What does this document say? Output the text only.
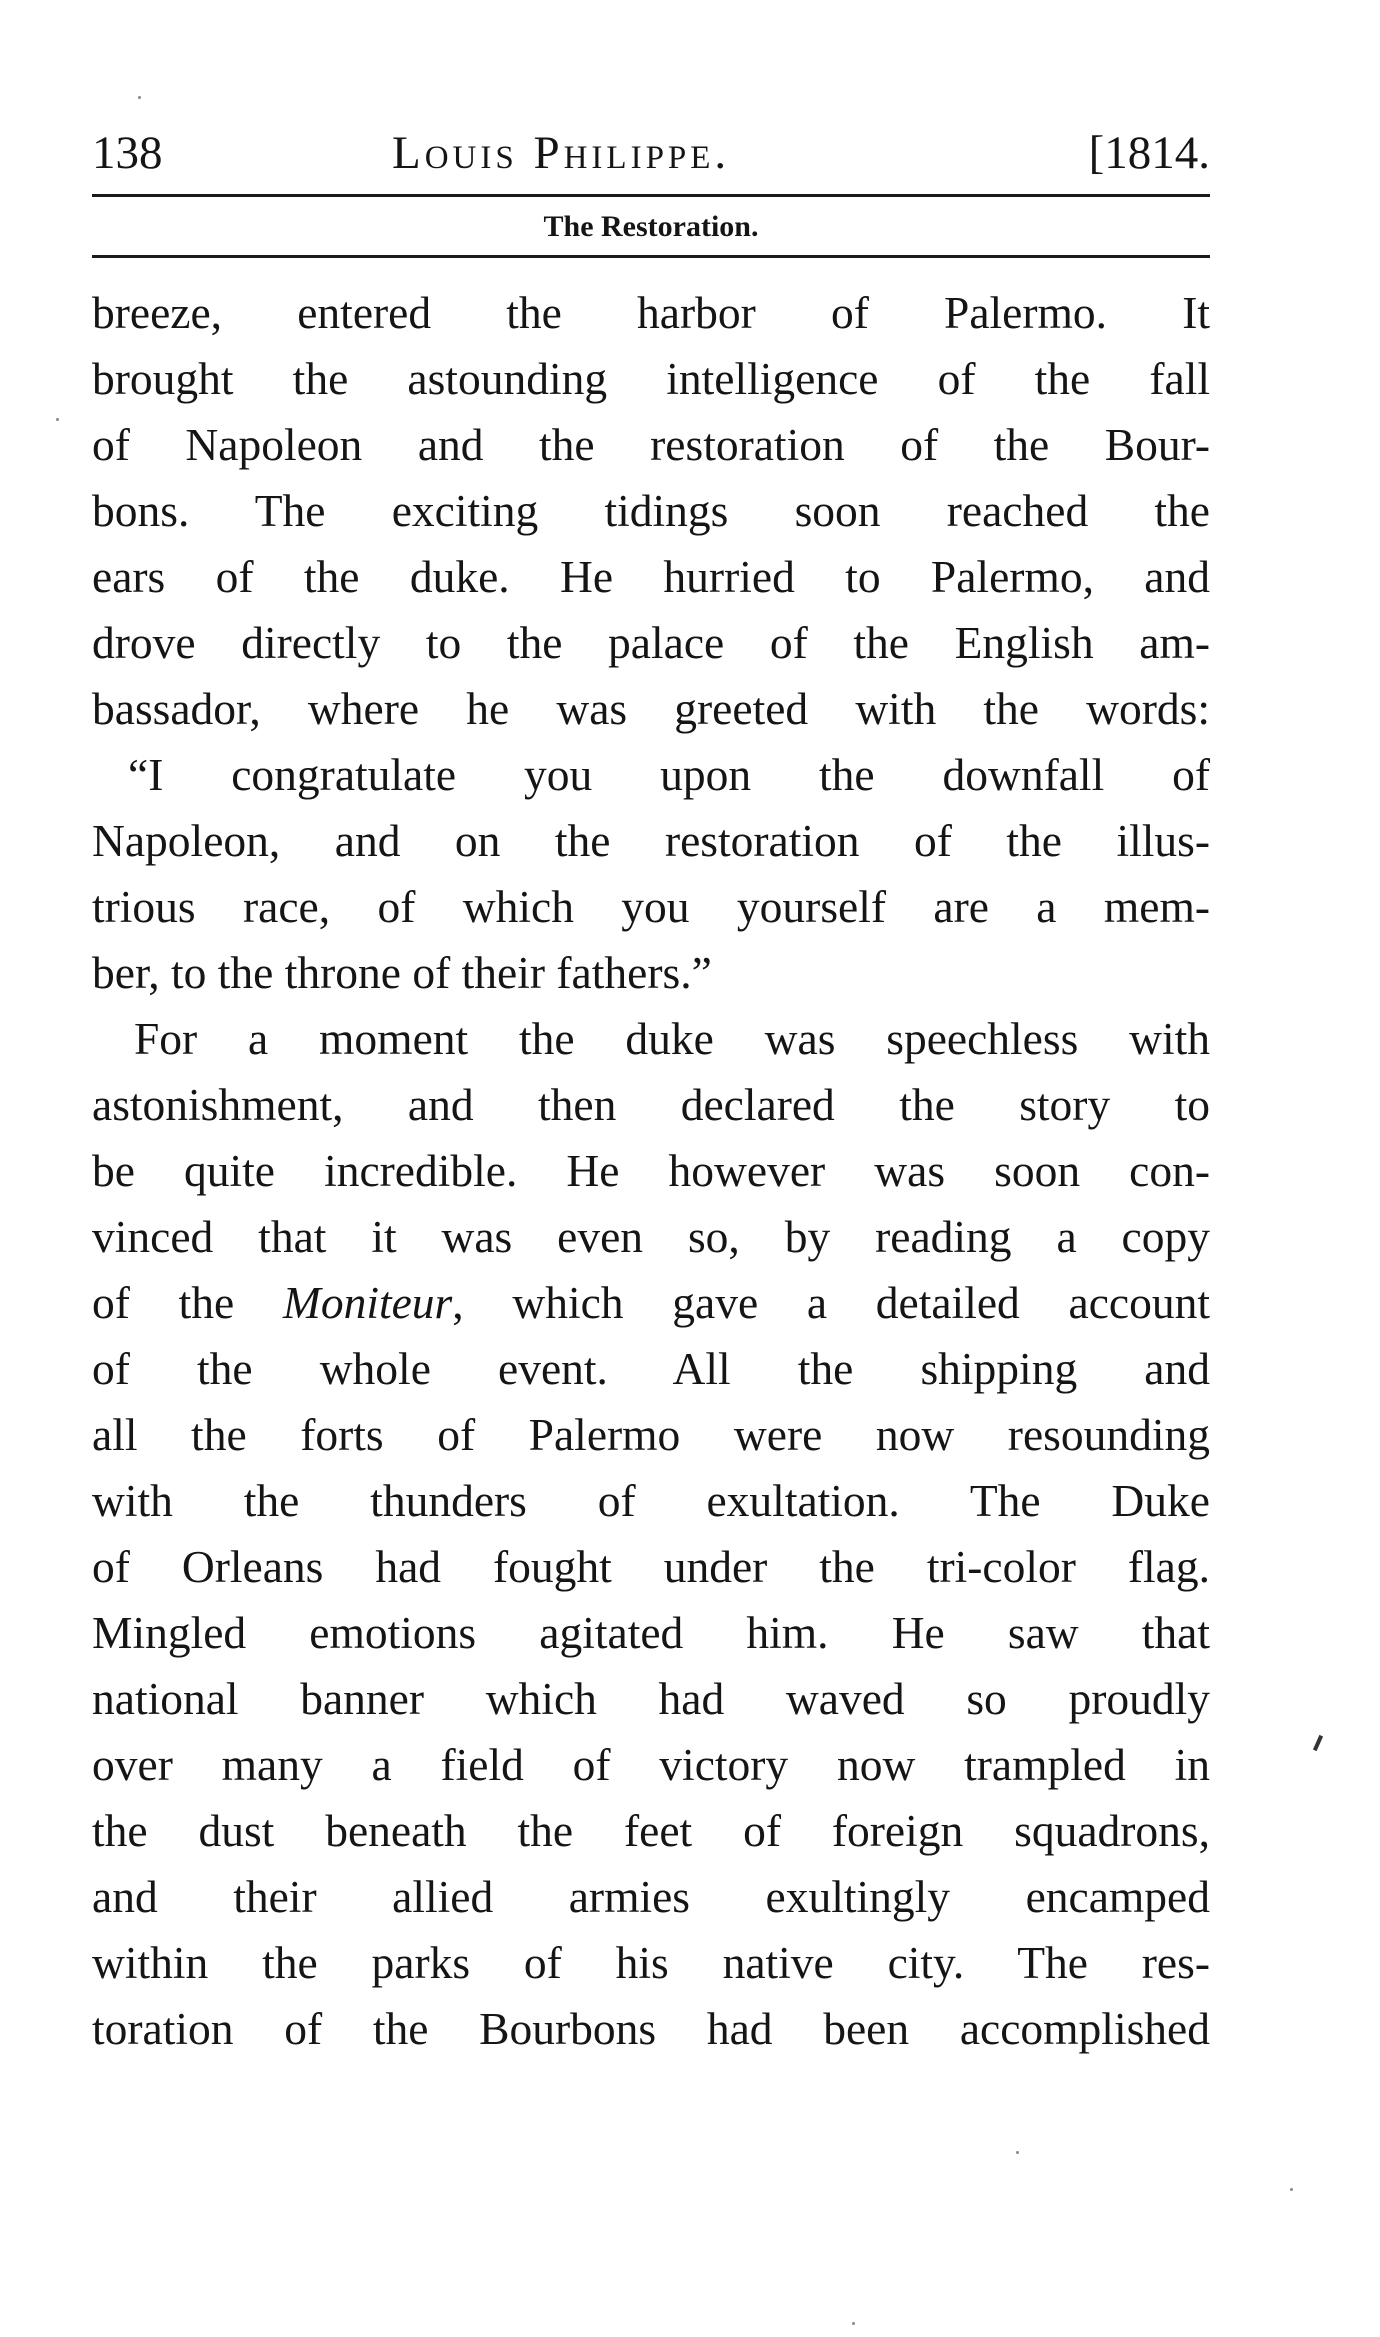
138	Louis Philippe.	[1814.
The Restoration.
breeze, entered the harbor of Palermo. It
brought the astounding intelligence of the fall
of Napoleon and the restoration of the Bour-
bons. The exciting tidings soon reached the
ears of the duke. He hurried to Palermo, and
drove directly to the palace of the English am-
bassador, where he was greeted with the words:
“I congratulate you upon the downfall of
Napoleon, and on the restoration of the illus-
trious race, of which you yourself are a mem-
ber, to the throne of their fathers.”
For a moment the duke was speechless with
astonishment, and then declared the story to
be quite incredible. He however was soon con-
vinced that it was even so, by reading a copy
of the Moniteur, which gave a detailed account
of the whole event. All the shipping and
all the forts of Palermo were now resounding
with the thunders of exultation. The Duke
of Orleans had fought under the tri-color flag.
Mingled emotions agitated him. He saw that
national banner which had waved so proudly
over many a field of victory now trampled in
the dust beneath the feet of foreign squadrons,
and their allied armies exultingly encamped
within the parks of his native city. The res-
toration of the Bourbons had been accomplished
